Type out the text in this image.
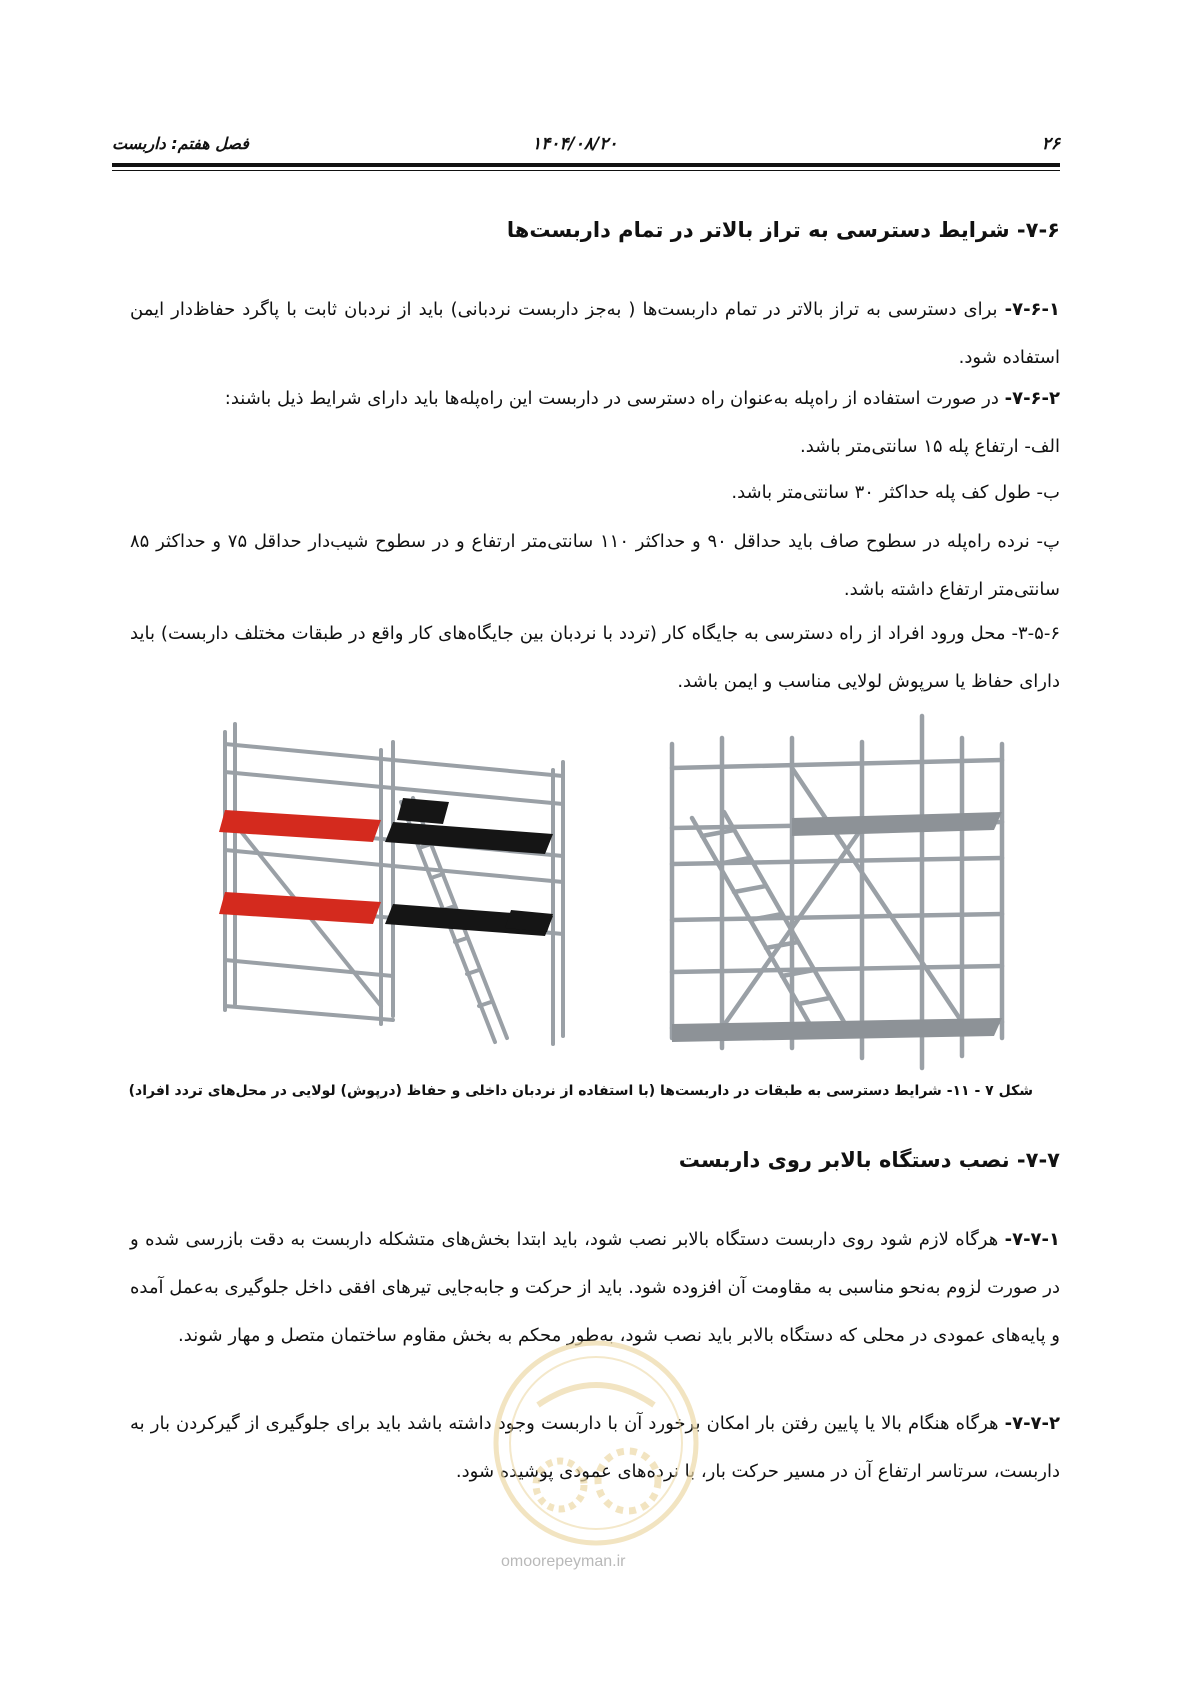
۲۶
۱۴۰۴/۰۸/۲۰
فصل هفتم: داربست
۷-۶- شرایط دسترسی به تراز بالاتر در تمام داربست‌ها
۷-۶-۱- برای دسترسی به تراز بالاتر در تمام داربست‌ها ( به‌جز داربست نردبانی) باید از نردبان ثابت با پاگرد حفاظ‌دار ایمن استفاده شود.
۷-۶-۲- در صورت استفاده از راه‌پله به‌عنوان راه دسترسی در داربست این راه‌پله‌ها باید دارای شرایط ذیل باشند:
الف- ارتفاع پله ۱۵ سانتی‌متر باشد.
ب- طول کف پله حداکثر ۳۰ سانتی‌متر باشد.
پ- نرده راه‌پله در سطوح صاف باید حداقل ۹۰ و حداکثر ۱۱۰ سانتی‌متر ارتفاع و در سطوح شیب‌دار حداقل ۷۵ و حداکثر ۸۵ سانتی‌متر ارتفاع داشته باشد.
۳-۵-۶- محل ورود افراد از راه دسترسی به جایگاه کار (تردد با نردبان بین جایگاه‌های کار واقع در طبقات مختلف داربست) باید دارای حفاظ یا سرپوش لولایی مناسب و ایمن باشد.
شکل ۷ - ۱۱- شرایط دسترسی به طبقات در داربست‌ها (با استفاده از نردبان داخلی و حفاظ (درپوش) لولایی در محل‌های تردد افراد)
۷-۷- نصب دستگاه بالابر روی داربست
۷-۷-۱- هرگاه لازم شود روی داربست دستگاه بالابر نصب شود، باید ابتدا بخش‌های متشکله داربست به دقت بازرسی شده و در صورت لزوم به‌نحو مناسبی به مقاومت آن افزوده شود. باید از حرکت و جابه‌جایی تیرهای افقی داخل جلوگیری به‌عمل آمده و پایه‌های عمودی در محلی که دستگاه بالابر باید نصب شود، به‌طور محکم به بخش مقاوم ساختمان متصل و مهار شوند.
۷-۷-۲- هرگاه هنگام بالا یا پایین رفتن بار امکان برخورد آن با داربست وجود داشته باشد باید برای جلوگیری از گیرکردن بار به داربست، سرتاسر ارتفاع آن در مسیر حرکت بار، با نرده‌های عمودی پوشیده شود.
omoorepeyman.ir
